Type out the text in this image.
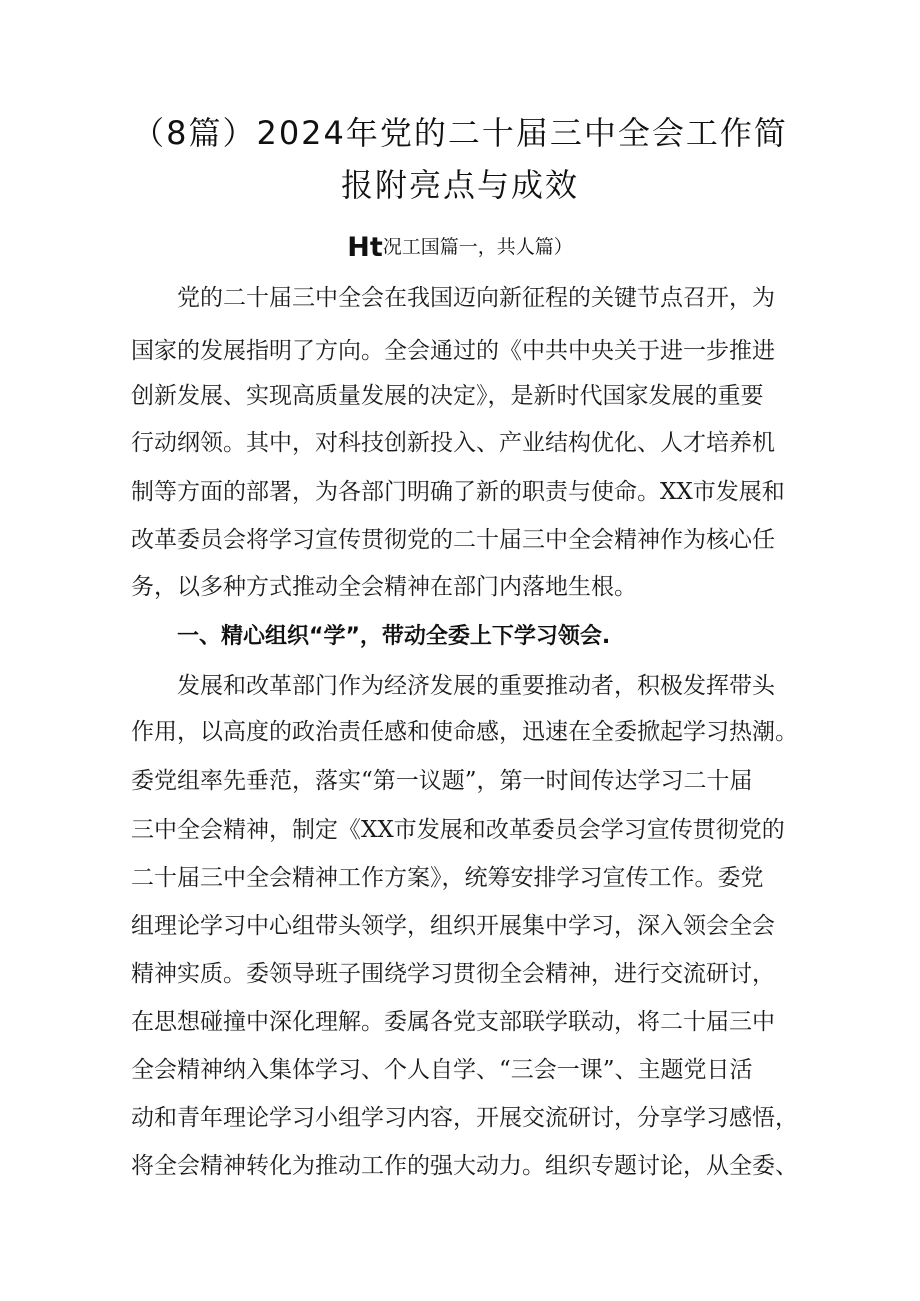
（8篇）2024年党的二十届三中全会工作简
报附亮点与成效
Ht况工国篇一，共人篇）
党的二十届三中全会在我国迈向新征程的关键节点召开，为
国家的发展指明了方向。全会通过的《中共中央关于进一步推进
创新发展、实现高质量发展的决定》，是新时代国家发展的重要
行动纲领。其中，对科技创新投入、产业结构优化、人才培养机
制等方面的部署，为各部门明确了新的职责与使命。XX市发展和
改革委员会将学习宣传贯彻党的二十届三中全会精神作为核心任
务，以多种方式推动全会精神在部门内落地生根。
一、精心组织“学”，带动全委上下学习领会.
发展和改革部门作为经济发展的重要推动者，积极发挥带头
作用，以高度的政治责任感和使命感，迅速在全委掀起学习热潮。
委党组率先垂范，落实“第一议题”，第一时间传达学习二十届
三中全会精神，制定《XX市发展和改革委员会学习宣传贯彻党的
二十届三中全会精神工作方案》，统筹安排学习宣传工作。委党
组理论学习中心组带头领学，组织开展集中学习，深入领会全会
精神实质。委领导班子围绕学习贯彻全会精神，进行交流研讨，
在思想碰撞中深化理解。委属各党支部联学联动，将二十届三中
全会精神纳入集体学习、个人自学、“三会一课”、主题党日活
动和青年理论学习小组学习内容，开展交流研讨，分享学习感悟，
将全会精神转化为推动工作的强大动力。组织专题讨论，从全委、
